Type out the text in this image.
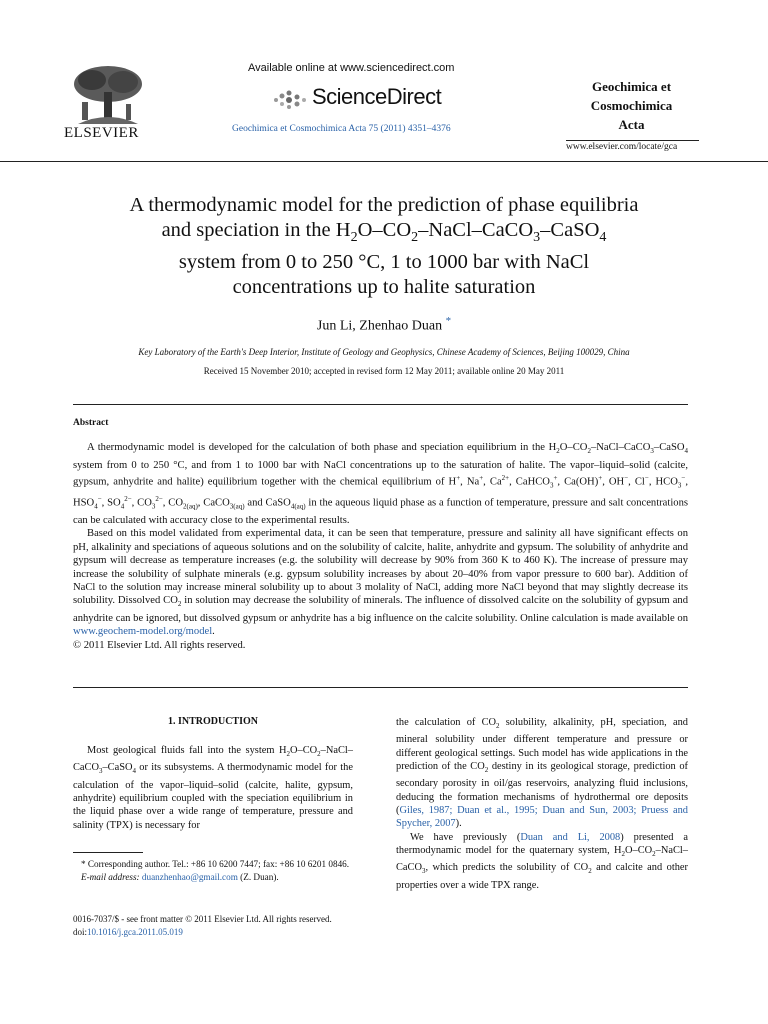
ELSEVIER
Available online at www.sciencedirect.com
ScienceDirect
Geochimica et Cosmochimica Acta 75 (2011) 4351–4376
Geochimica et
Cosmochimica
Acta
www.elsevier.com/locate/gca
A thermodynamic model for the prediction of phase equilibria
and speciation in the $H_2O-CO_2-NaCl-CaCO_3-CaSO_4$
system from 0 to 250 °C, 1 to 1000 bar with NaCl
concentrations up to halite saturation
Jun Li, Zhenhao Duan *
Key Laboratory of the Earth's Deep Interior, Institute of Geology and Geophysics, Chinese Academy of Sciences, Beijing 100029, China
Received 15 November 2010; accepted in revised form 12 May 2011; available online 20 May 2011
Abstract

A thermodynamic model is developed for the calculation of both phase and speciation equilibrium in the $H_2O-CO_2-NaCl-CaCO_3-CaSO_4$ system from 0 to 250 °C, and from 1 to 1000 bar with NaCl concentrations up to the saturation of halite. The vapor–liquid–solid (calcite, gypsum, anhydrite and halite) equilibrium together with the chemical equilibrium of H+, Na+, $Ca^{2+}$, CaHCO$_3$+, Ca(OH)+, OH−, Cl−, $HCO_3^-$, $HSO_4^-$, $SO_4^{2-}$, $CO_3^{2-}$, $CO_{2(aq)}$, CaCO$_{3(aq)}$ and CaSO$_{4(aq)}$ in the aqueous liquid phase as a function of temperature, pressure and salt concentrations can be calculated with accuracy close to the experimental results.

Based on this model validated from experimental data, it can be seen that temperature, pressure and salinity all have significant effects on pH, alkalinity and speciations of aqueous solutions and on the solubility of calcite, halite, anhydrite and gypsum. The solubility of anhydrite and gypsum will decrease as temperature increases (e.g. the solubility will decrease by 90% from 360 K to 460 K). The increase of pressure may increase the solubility of sulphate minerals (e.g. gypsum solubility increases by about 20–40% from vapor pressure to 600 bar). Addition of NaCl to the solution may increase mineral solubility up to about 3 molality of NaCl, adding more NaCl beyond that may slightly decrease its solubility. Dissolved $CO_2$ in solution may decrease the solubility of minerals. The influence of dissolved calcite on the solubility of gypsum and anhydrite can be ignored, but dissolved gypsum or anhydrite has a big influence on the calcite solubility. Online calculation is made available on www.geochem-model.org/model.

© 2011 Elsevier Ltd. All rights reserved.
1. INTRODUCTION

Most geological fluids fall into the system $H_2O-CO_2-NaCl-CaCO_3-CaSO_4$ or its subsystems. A thermodynamic model for the calculation of the vapor–liquid–solid (calcite, halite, gypsum, anhydrite) equilibrium coupled with the speciation equilibrium in the liquid phase over a wide range of temperature, pressure and salinity (TPX) is necessary for

* Corresponding author. Tel.: +86 10 6200 7447; fax: +86 10 6201 0846.

E-mail address: duanzhenhao@gmail.com (Z. Duan).

the calculation of $CO_2$ solubility, alkalinity, pH, speciation, and mineral solubility under different temperature and pressure or different geological settings. Such model has wide applications in the prediction of the $CO_2$ destiny in its geological storage, prediction of secondary porosity in oil/gas reservoirs, analyzing fluid inclusions, deducing the formation mechanisms of hydrothermal ore deposits (Giles, 1987; Duan et al., 1995; Duan and Sun, 2003; Pruess and Spycher, 2007).

We have previously (Duan and Li, 2008) presented a thermodynamic model for the quaternary system, $H_2O-CO_2-NaCl-CaCO_3$, which predicts the solubility of $CO_2$ and calcite and other properties over a wide TPX range.

0016-7037/$ - see front matter © 2011 Elsevier Ltd. All rights reserved.
doi:10.1016/j.gca.2011.05.019
